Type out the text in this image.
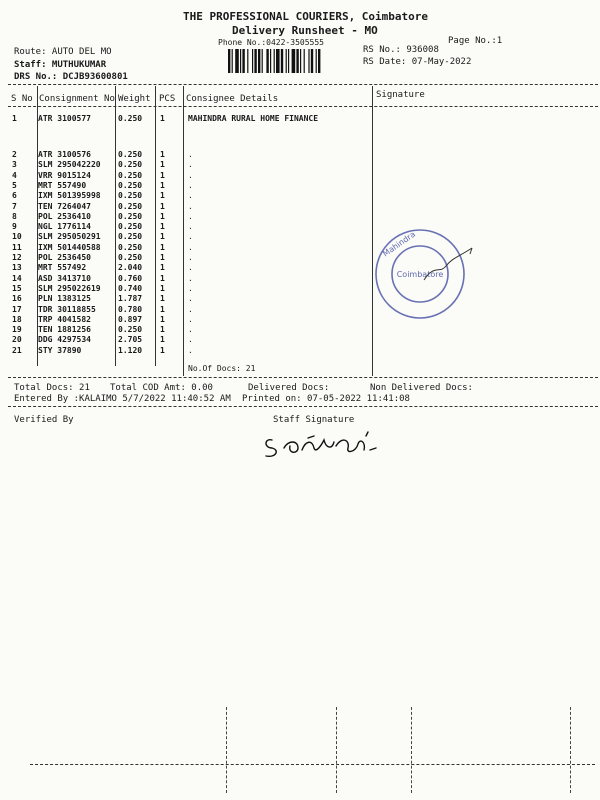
THE PROFESSIONAL COURIERS, Coimbatore
Delivery Runsheet - MO
Phone No.:0422-3505555	Page No.:1
Route: AUTO DEL MO
Staff: MUTHUKUMAR
DRS No.: DCJB93600801
RS No.: 936008
RS Date: 07-May-2022
S No Consignment No Weight PCS Consignee Details	Signature
1	ATR 3100577	0.250 1	MAHINDRA RURAL HOME FINANCE
2	ATR 3100576	0.250 1	.
3	SLM 295042220 0.250 1	.
4	VRR 9015124	0.250 1	.
5	MRT 557490	0.250 1	.
6	IXM 501395998 0.250 1	.
7	TEN 7264047	0.250 1	.
8	POL 2536410	0.250 1	.
9	NGL 1776114	0.250 1	.
10 SLM 295050291 0.250 1	.
11 IXM 501440588 0.250 1	.
12 POL 2536450	0.250 1	.
13 MRT 557492	2.040 1	.
14 ASD 3413710	0.760 1	.
15 SLM 295022619 0.740 1	.
16 PLN 1383125	1.787 1	.
17 TDR 30118855	0.780 1	.
18 TRP 4041582	0.897 1	.
19 TEN 1881256	0.250 1	.
20 DDG 4297534	2.705 1	.
21 STY 37890	1.120 1	.
No.Of Docs: 21
Coimbatore
Mahindra
Total Docs: 21 Total COD Amt: 0.00	Delivered Docs:	Non Delivered Docs:
Entered By :KALAIMO 5/7/2022 11:40:52 AM Printed on: 07-05-2022 11:41:08
Verified By	Staff Signature
